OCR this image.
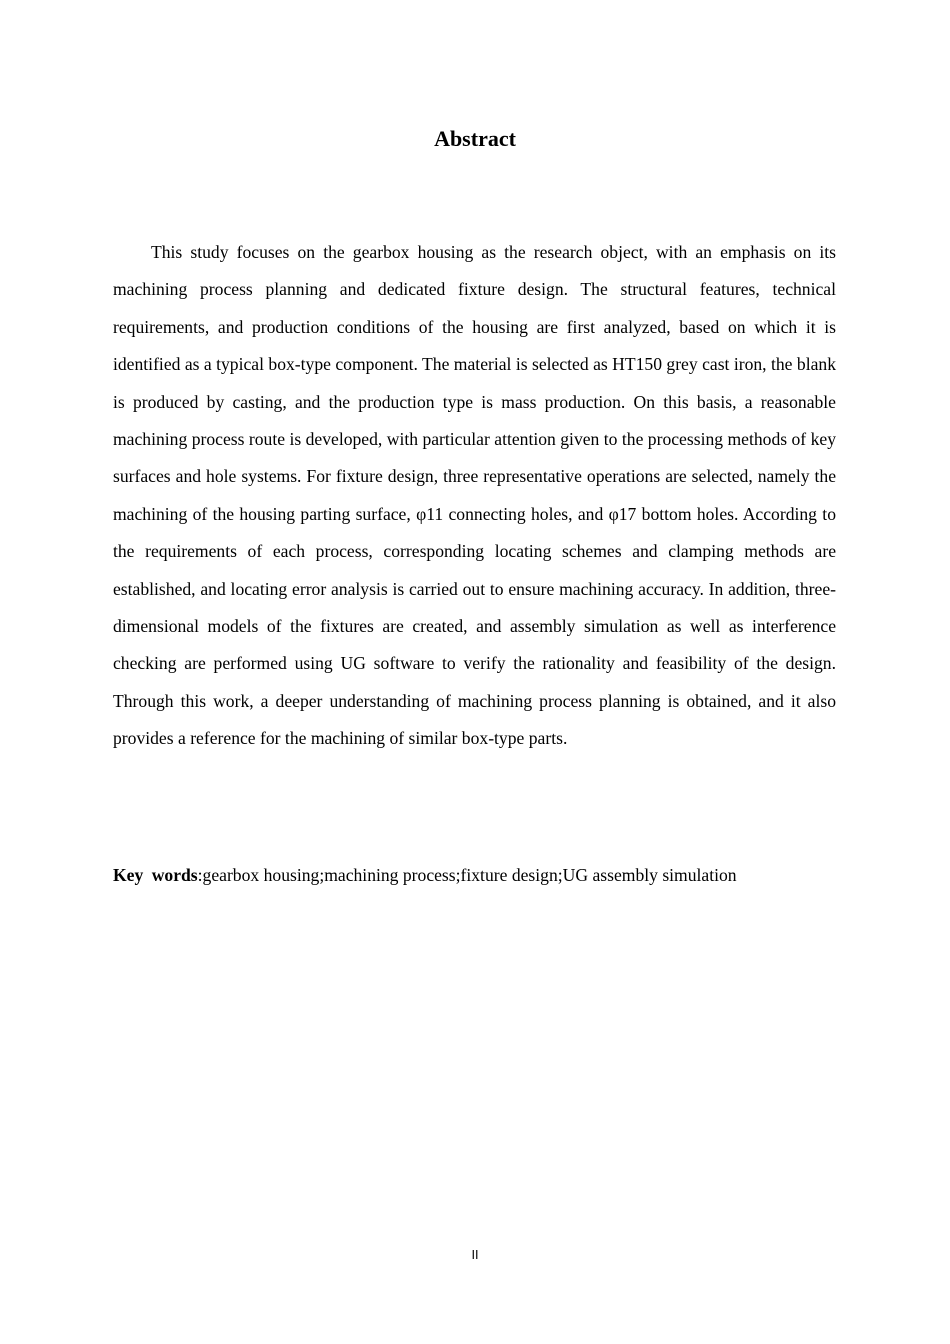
Abstract

This study focuses on the gearbox housing as the research object, with an emphasis on its machining process planning and dedicated fixture design. The structural features, technical requirements, and production conditions of the housing are first analyzed, based on which it is identified as a typical box-type component. The material is selected as HT150 grey cast iron, the blank is produced by casting, and the production type is mass production. On this basis, a reasonable machining process route is developed, with particular attention given to the processing methods of key surfaces and hole systems. For fixture design, three representative operations are selected, namely the machining of the housing parting surface, φ11 connecting holes, and φ17 bottom holes. According to the requirements of each process, corresponding locating schemes and clamping methods are established, and locating error analysis is carried out to ensure machining accuracy. In addition, three-dimensional models of the fixtures are created, and assembly simulation as well as interference checking are performed using UG software to verify the rationality and feasibility of the design. Through this work, a deeper understanding of machining process planning is obtained, and it also provides a reference for the machining of similar box-type parts.

Key words:gearbox housing;machining process;fixture design;UG assembly simulation

II
